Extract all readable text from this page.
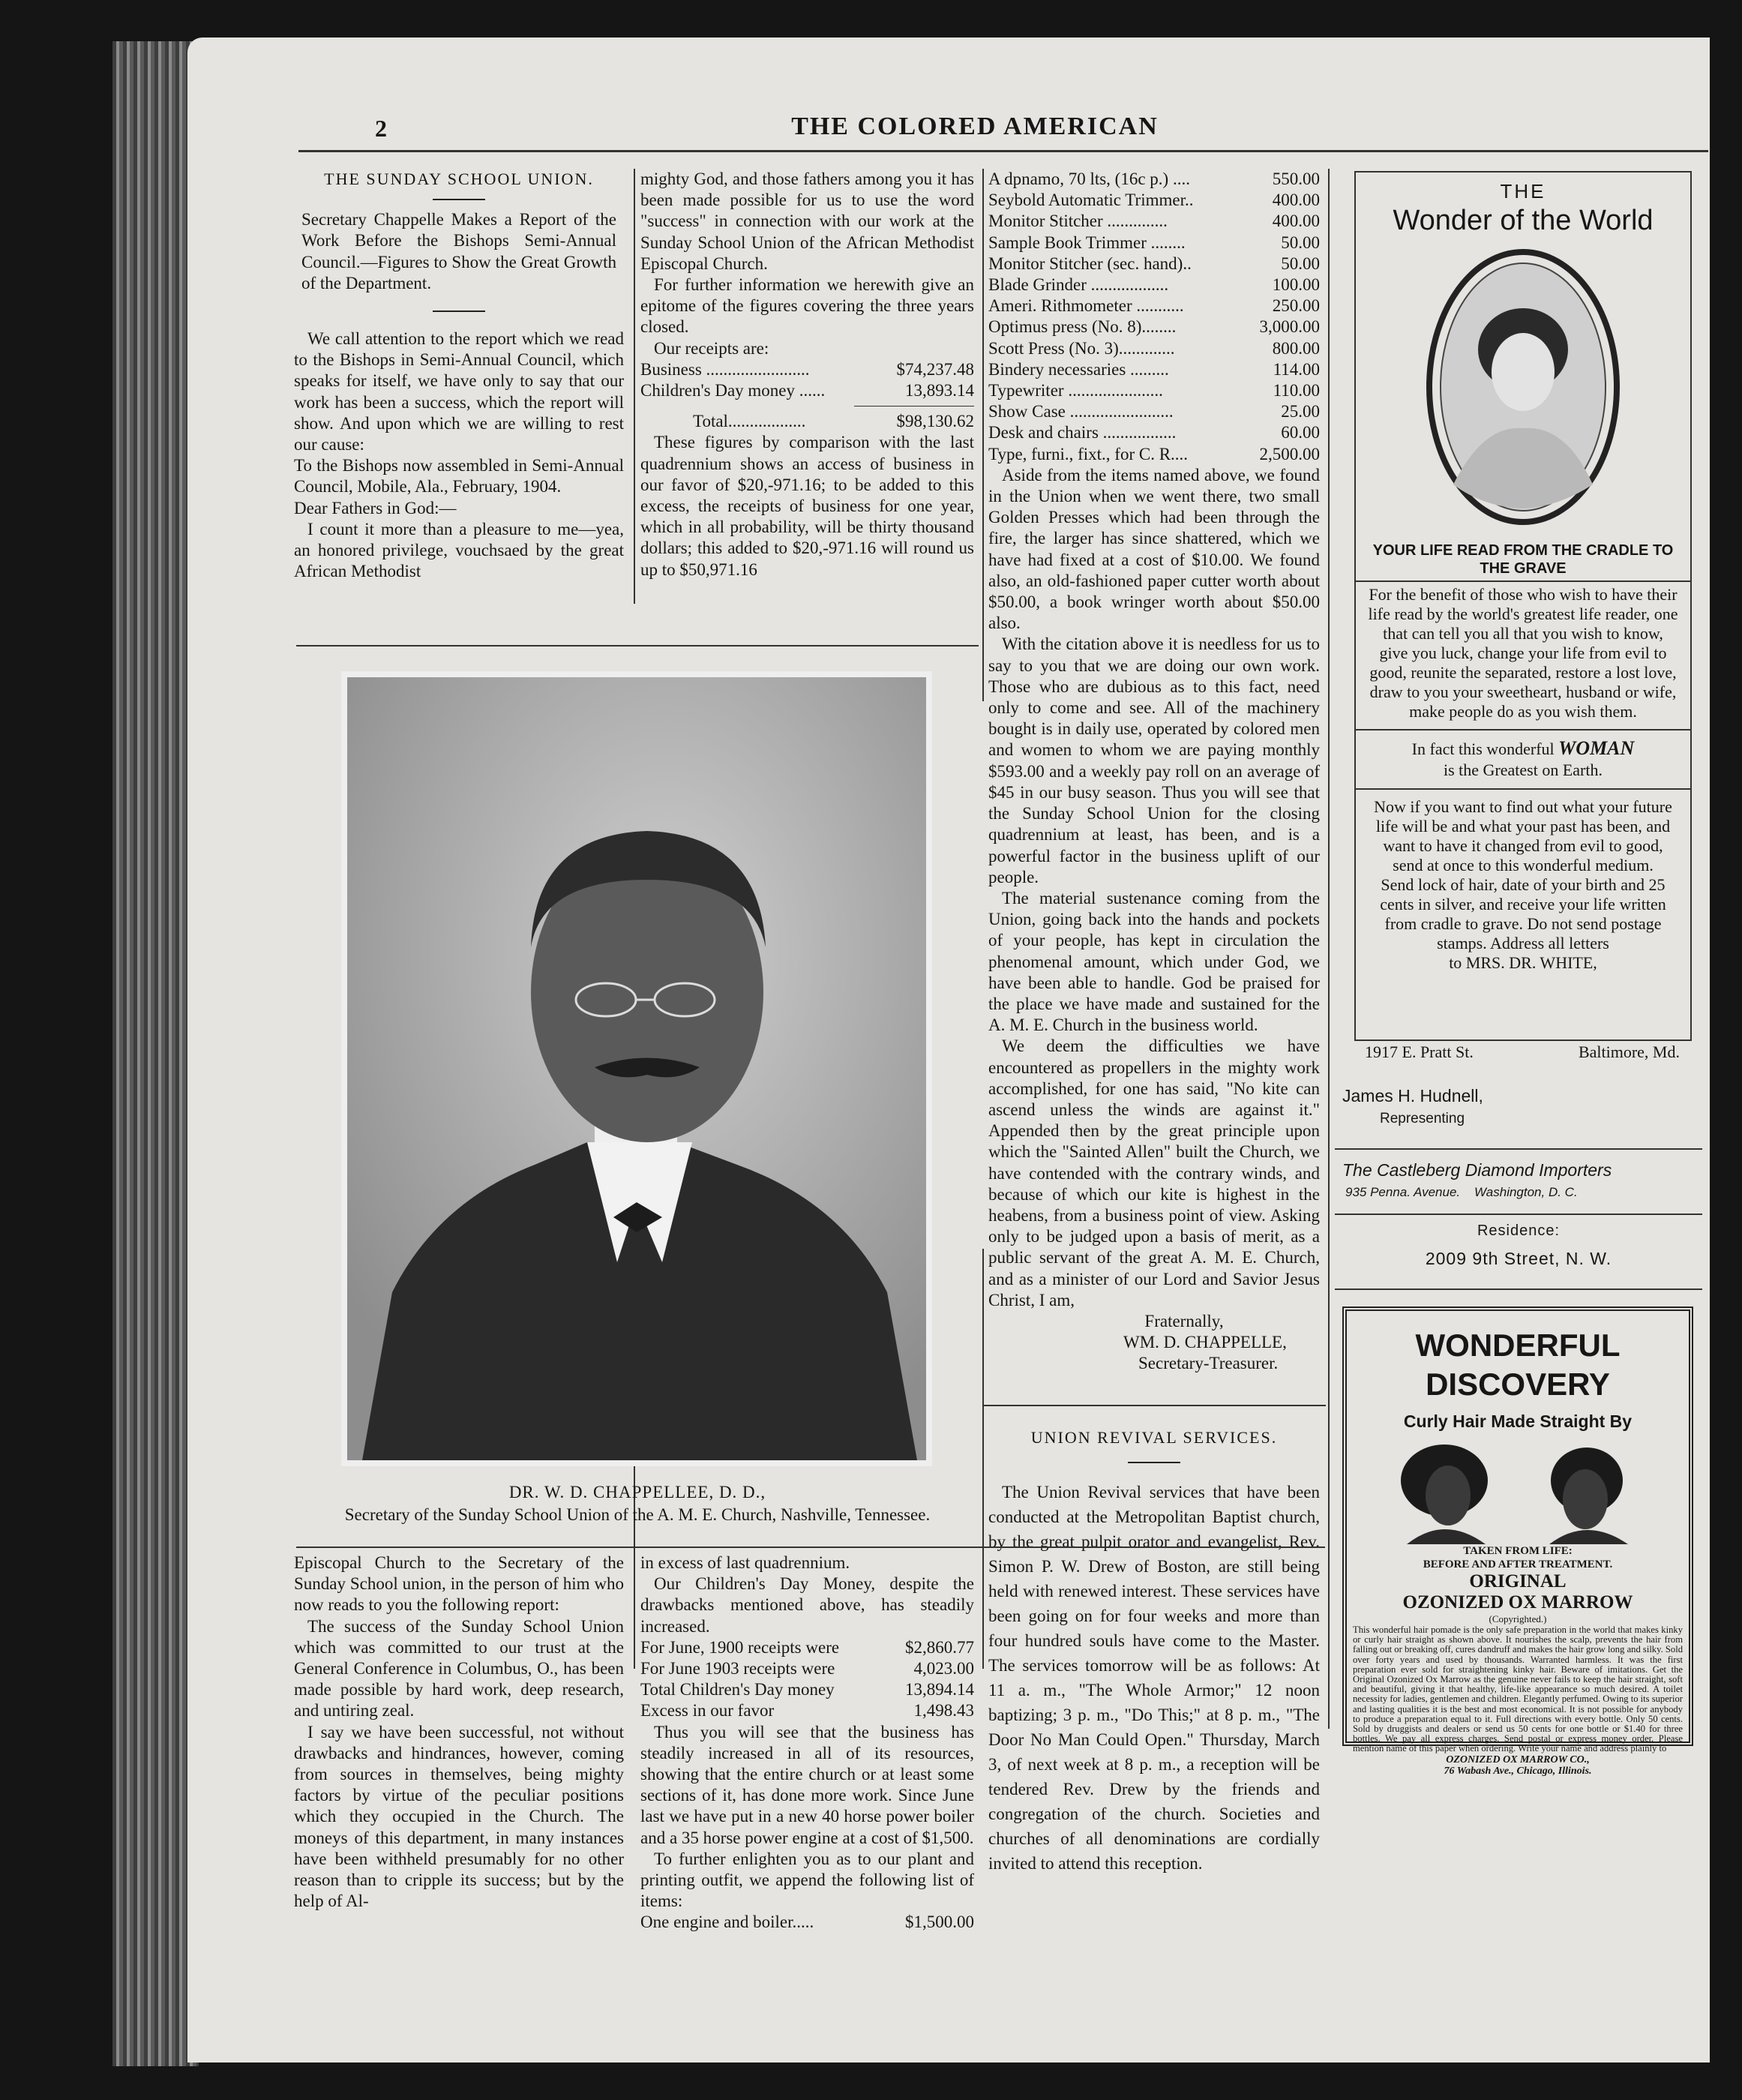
2	THE COLORED AMERICAN
THE SUNDAY SCHOOL UNION.

Secretary Chappelle Makes a Report of the Work Before the Bishops Semi-Annual Council.—Figures to Show the Great Growth of the Department.

We call attention to the report which we read to the Bishops in Semi-Annual Council, which speaks for itself, we have only to say that our work has been a success, which the report will show. And upon which we are willing to rest our cause:

To the Bishops now assembled in Semi-Annual Council, Mobile, Ala., February, 1904.

Dear Fathers in God:—

I count it more than a pleasure to me—yea, an honored privilege, vouchsaed by the great African Methodist

mighty God, and those fathers among you it has been made possible for us to use the word "success" in connection with our work at the Sunday School Union of the African Methodist Episcopal Church.

For further information we herewith give an epitome of the figures covering the three years closed.

Our receipts are:

Business ........................	$74,237.48
Children's Day money ......	13,893.14
Total..................	$98,130.62

These figures by comparison with the last quadrennium shows an access of business in our favor of $20,-971.16; to be added to this excess, the receipts of business for one year, which in all probability, will be thirty thousand dollars; this added to $20,-971.16 will round us up to $50,971.16

A dpnamo, 70 lts, (16c p.) ....	550.00
Seybold Automatic Trimmer..	400.00
Monitor Stitcher ..............	400.00
Sample Book Trimmer ........	50.00
Monitor Stitcher (sec. hand)..	50.00
Blade Grinder ..................	100.00
Ameri. Rithmometer ...........	250.00
Optimus press (No. 8)........	3,000.00
Scott Press (No. 3).............	800.00
Bindery necessaries .........	114.00
Typewriter ......................	110.00
Show Case ........................	25.00
Desk and chairs .................	60.00
Type, furni., fixt., for C. R....	2,500.00

Aside from the items named above, we found in the Union when we went there, two small Golden Presses which had been through the fire, the larger has since shattered, which we have had fixed at a cost of $10.00. We found also, an old-fashioned paper cutter worth about $50.00, a book wringer worth about $50.00 also.

With the citation above it is needless for us to say to you that we are doing our own work. Those who are dubious as to this fact, need only to come and see. All of the machinery bought is in daily use, operated by colored men and women to whom we are paying monthly $593.00 and a weekly pay roll on an average of $45 in our busy season. Thus you will see that the Sunday School Union for the closing quadrennium at least, has been, and is a powerful factor in the business uplift of our people.

The material sustenance coming from the Union, going back into the hands and pockets of your people, has kept in circulation the phenomenal amount, which under God, we have been able to handle. God be praised for the place we have made and sustained for the A. M. E. Church in the business world.

We deem the difficulties we have encountered as propellers in the mighty work accomplished, for one has said, "No kite can ascend unless the winds are against it." Appended then by the great principle upon which the "Sainted Allen" built the Church, we have contended with the contrary winds, and because of which our kite is highest in the heabens, from a business point of view. Asking only to be judged upon a basis of merit, as a public servant of the great A. M. E. Church, and as a minister of our Lord and Savior Jesus Christ, I am,

Fraternally,
WM. D. CHAPPELLE,
Secretary-Treasurer.
UNION REVIVAL SERVICES.

The Union Revival services that have been conducted at the Metropolitan Baptist church, by the great pulpit orator and evangelist, Rev. Simon P. W. Drew of Boston, are still being held with renewed interest. These services have been going on for four weeks and more than four hundred souls have come to the Master. The services tomorrow will be as follows: At 11 a. m., "The Whole Armor;" 12 noon baptizing; 3 p. m., "Do This;" at 8 p. m., "The Door No Man Could Open." Thursday, March 3, of next week at 8 p. m., a reception will be tendered Rev. Drew by the friends and congregation of the church. Societies and churches of all denominations are cordially invited to attend this reception.

DR. W. D. CHAPPELLEE, D. D.,
Secretary of the Sunday School Union of the A. M. E. Church, Nashville, Tennessee.

Episcopal Church to the Secretary of the Sunday School union, in the person of him who now reads to you the following report:

The success of the Sunday School Union which was committed to our trust at the General Conference in Columbus, O., has been made possible by hard work, deep research, and untiring zeal.

I say we have been successful, not without drawbacks and hindrances, however, coming from sources in themselves, being mighty factors by virtue of the peculiar positions which they occupied in the Church. The moneys of this department, in many instances have been withheld presumably for no other reason than to cripple its success; but by the help of Al-

in excess of last quadrennium.

Our Children's Day Money, despite the drawbacks mentioned above, has steadily increased.

For June, 1900 receipts were	$2,860.77
For June 1903 receipts were	4,023.00
Total Children's Day money	13,894.14
Excess in our favor	1,498.43

Thus you will see that the business has steadily increased in all of its resources, showing that the entire church or at least some sections of it, has done more work. Since June last we have put in a new 40 horse power boiler and a 35 horse power engine at a cost of $1,500.

To further enlighten you as to our plant and printing outfit, we append the following list of items:

One engine and boiler.....	$1,500.00
THE
Wonder of the World
YOUR LIFE READ FROM THE CRADLE TO THE GRAVE

For the benefit of those who wish to have their life read by the world's greatest life reader, one that can tell you all that you wish to know, give you luck, change your life from evil to good, reunite the separated, restore a lost love, draw to you your sweetheart, husband or wife, make people do as you wish them.

In fact this wonderful WOMAN
is the Greatest on Earth.

Now if you want to find out what your future life will be and what your past has been, and want to have it changed from evil to good, send at once to this wonderful medium.

Send lock of hair, date of your birth and 25 cents in silver, and receive your life written from cradle to grave. Do not send postage stamps. Address all letters

to MRS. DR. WHITE,
1917 E. Pratt St.	Baltimore, Md.
James H. Hudnell,
Representing
The Castleberg Diamond Importers
935 Penna. Avenue. Washington, D. C.
Residence:
2009 9th Street, N. W.
WONDERFUL
DISCOVERY
Curly Hair Made Straight By
TAKEN FROM LIFE:
BEFORE AND AFTER TREATMENT.
ORIGINAL
OZONIZED OX MARROW
(Copyrighted.)

This wonderful hair pomade is the only safe preparation in the world that makes kinky or curly hair straight as shown above. It nourishes the scalp, prevents the hair from falling out or breaking off, cures dandruff and makes the hair grow long and silky. Sold over forty years and used by thousands. Warranted harmless. It was the first preparation ever sold for straightening kinky hair. Beware of imitations. Get the Original Ozonized Ox Marrow as the genuine never fails to keep the hair straight, soft and beautiful, giving it that healthy, life-like appearance so much desired. A toilet necessity for ladies, gentlemen and children. Elegantly perfumed. Owing to its superior and lasting qualities it is the best and most economical. It is not possible for anybody to produce a preparation equal to it. Full directions with every bottle. Only 50 cents. Sold by druggists and dealers or send us 50 cents for one bottle or $1.40 for three bottles. We pay all express charges. Send postal or express money order. Please mention name of this paper when ordering. Write your name and address plainly to

OZONIZED OX MARROW CO.,
76 Wabash Ave., Chicago, Illinois.
